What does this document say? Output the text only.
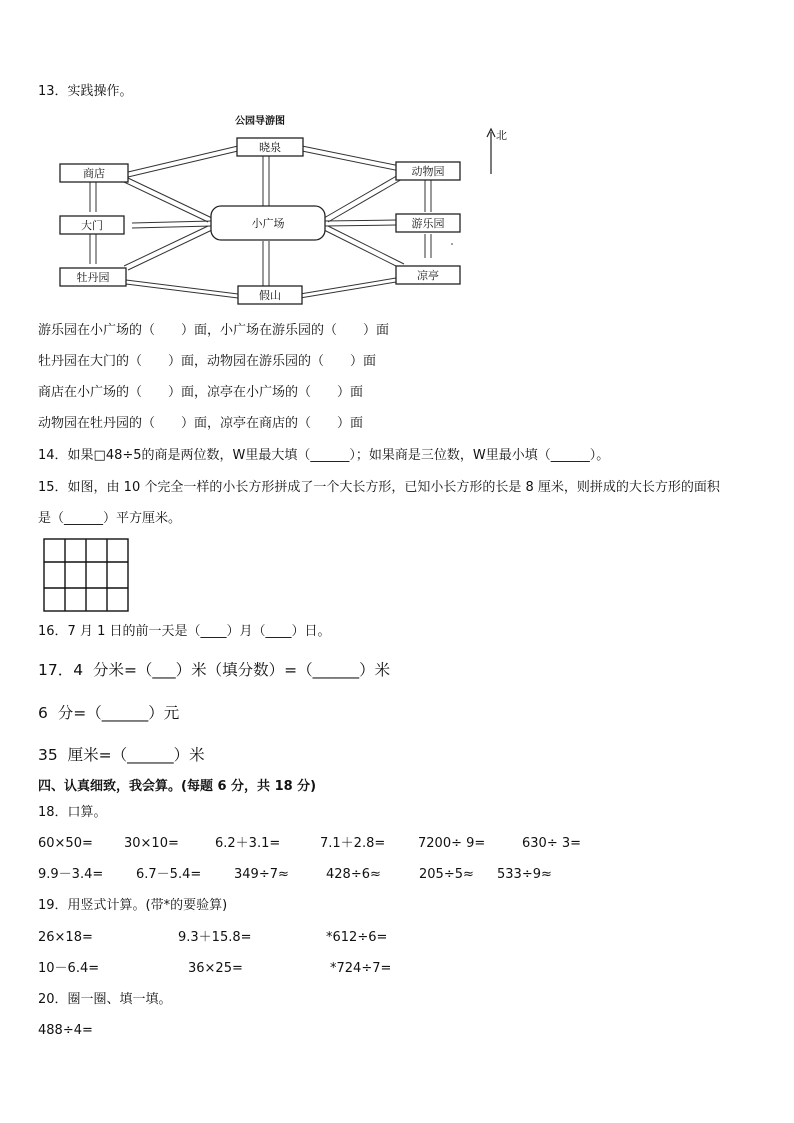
13．实践操作。
公园导游图
晓泉
商店	动物园
大门	小广场	游乐园
牡丹园
假山
凉亭
北
游乐园在小广场的（　　）面，小广场在游乐园的（　　）面
牡丹园在大门的（　　）面，动物园在游乐园的（　　）面
商店在小广场的（　　）面，凉亭在小广场的（　　）面
动物园在牡丹园的（　　）面，凉亭在商店的（　　）面
14．如果□48÷5的商是两位数，W里最大填（______）；如果商是三位数，W里最小填（______）。
15．如图，由 10 个完全一样的小长方形拼成了一个大长方形，已知小长方形的长是 8 厘米，则拼成的大长方形的面积
是（______）平方厘米。
16．7 月 1 日的前一天是（____）月（____）日。
17．4  分米=（___）米（填分数）=（______）米
6  分=（______）元
35  厘米=（______）米
四、认真细致，我会算。(每题 6 分，共 18 分)
18．口算。
60×50= 30×10=	6.2＋3.1=	7.1＋2.8=	7200÷ 9=	630÷ 3=
9.9－3.4=	6.7－5.4=	349÷7≈	428÷6≈	205÷5≈ 533÷9≈
19．用竖式计算。(带*的要验算)
26×18=	9.3＋15.8=	*612÷6=
10－6.4=	36×25=	*724÷7=
20．圈一圈、填一填。
488÷4=
